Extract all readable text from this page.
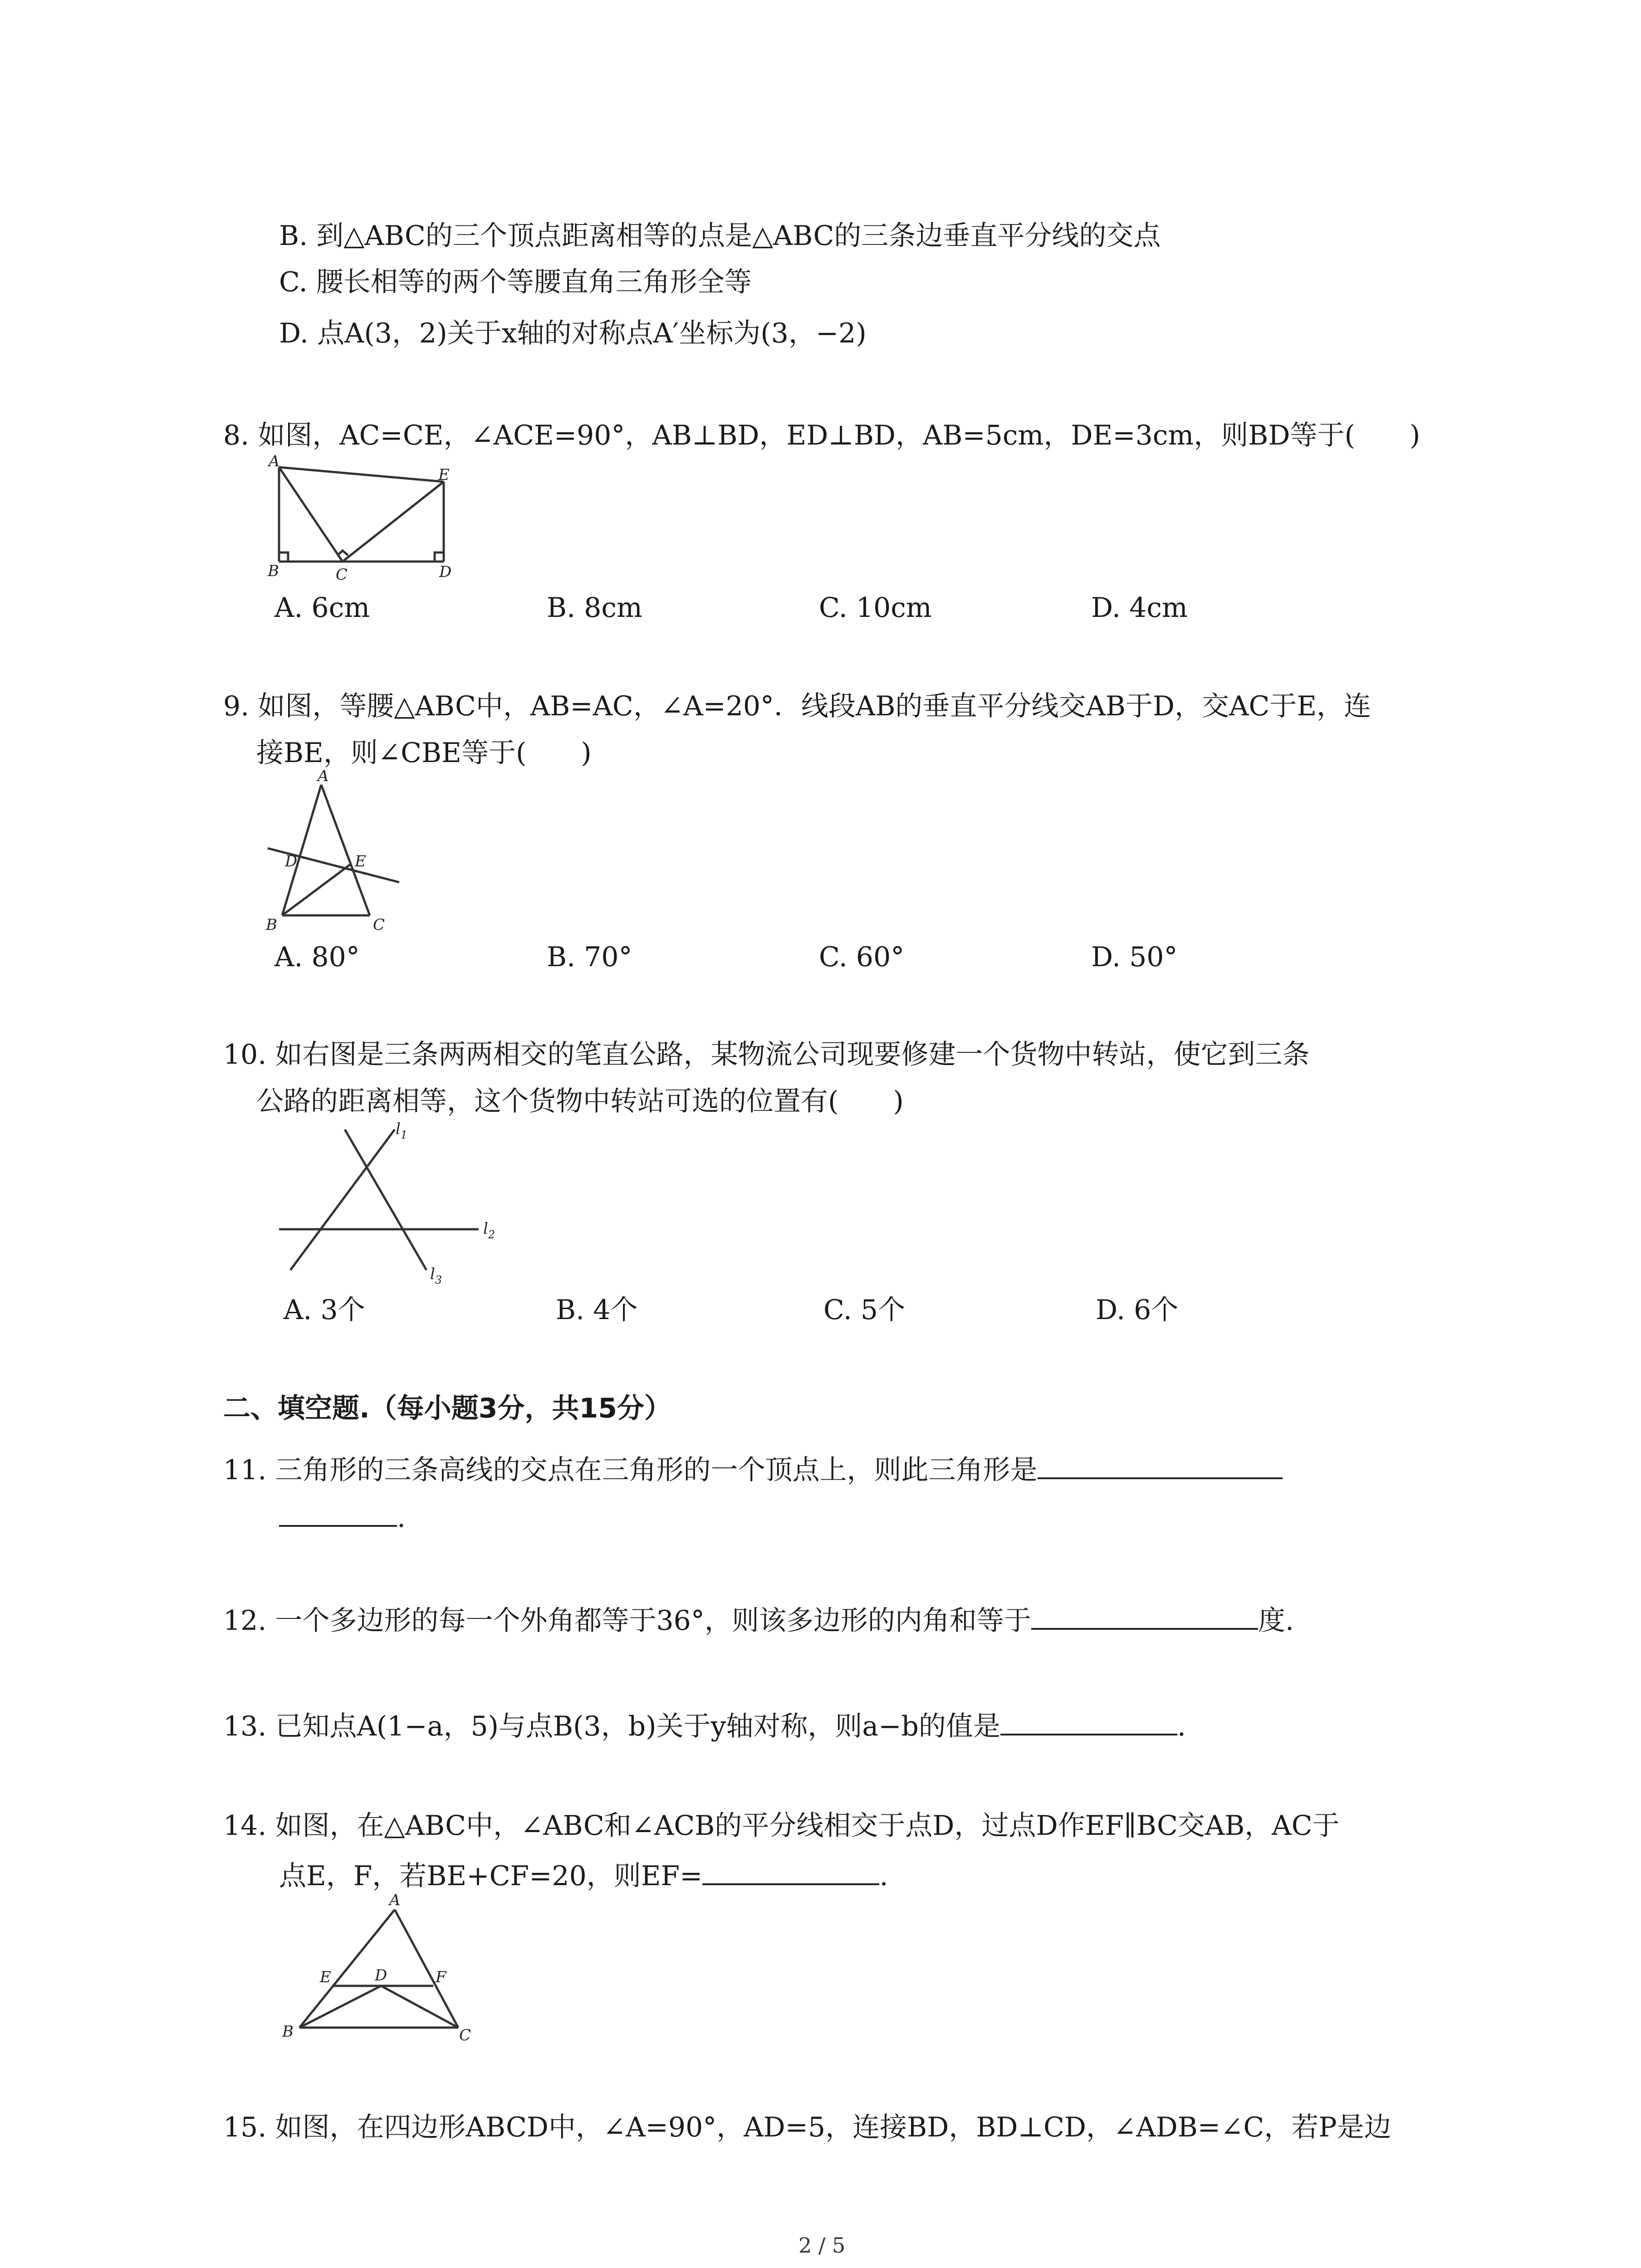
B. 到△ABC的三个顶点距离相等的点是△ABC的三条边垂直平分线的交点
C. 腰长相等的两个等腰直角三角形全等
D. 点A(3，2)关于x轴的对称点A′坐标为(3，−2)
8. 如图，AC=CE，∠ACE=90°，AB⊥BD，ED⊥BD，AB=5cm，DE=3cm，则BD等于(　　)
A
B	C	D
E
A. 6cm	B. 8cm	C. 10cm	D. 4cm
9. 如图，等腰△ABC中，AB=AC，∠A=20°．线段AB的垂直平分线交AB于D，交AC于E，连
接BE，则∠CBE等于(　　)
A
B	C
D	E
A. 80°	B. 70°	C. 60°	D. 50°
10. 如右图是三条两两相交的笔直公路，某物流公司现要修建一个货物中转站，使它到三条
公路的距离相等，这个货物中转站可选的位置有(　　)
$l_1$
$l_2$
$l_3$
A. 3个	B. 4个	C. 5个	D. 6个
二、填空题.（每小题3分，共15分）
11. 三角形的三条高线的交点在三角形的一个顶点上，则此三角形是
.
12. 一个多边形的每一个外角都等于36°，则该多边形的内角和等于	度.
13. 已知点A(1−a，5)与点B(3，b)关于y轴对称，则a−b的值是	.
14. 如图，在△ABC中，∠ABC和∠ACB的平分线相交于点D，过点D作EF∥BC交AB，AC于
点E，F，若BE+CF=20，则EF=	.
A
B	C
D
E	F
15. 如图，在四边形ABCD中，∠A=90°，AD=5，连接BD，BD⊥CD，∠ADB=∠C，若P是边
2 / 5
